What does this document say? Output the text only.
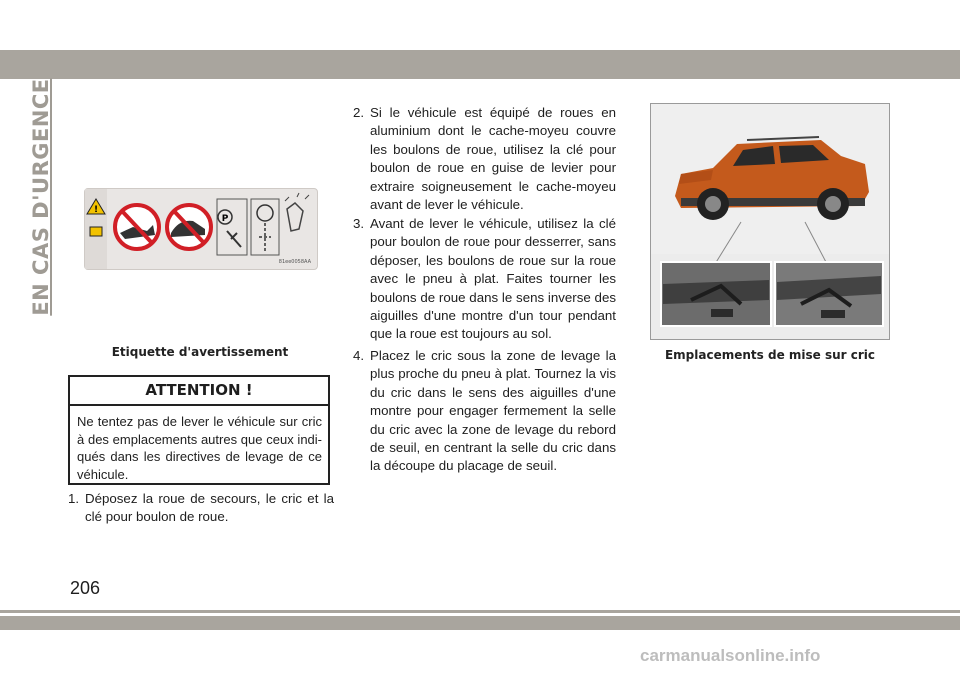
EN CAS D'URGENCE	!
P
81ee0058AA
Etiquette d'avertissement
ATTENTION !
Ne tentez pas de lever le véhicule sur cric à des emplacements autres que ceux indi- qués dans les directives de levage de ce véhicule.
1. Déposez la roue de secours, le cric et la clé pour boulon de roue.
2. Si le véhicule est équipé de roues en aluminium dont le cache-moyeu couvre les boulons de roue, utilisez la clé pour boulon de roue en guise de levier pour extraire soigneusement le cache-moyeu avant de lever le véhicule.
3. Avant de lever le véhicule, utilisez la clé pour boulon de roue pour desserrer, sans déposer, les boulons de roue sur la roue avec le pneu à plat. Faites tourner les boulons de roue dans le sens inverse des aiguilles d'une montre d'un tour pendant que la roue est toujours au sol.
4. Placez le cric sous la zone de levage la plus proche du pneu à plat. Tournez la vis du cric dans le sens des aiguilles d'une montre pour engager fermement la selle du cric avec la zone de levage du rebord de seuil, en centrant la selle du cric dans la découpe du placage de seuil.
Emplacements de mise sur cric
206
carmanualsonline.info
